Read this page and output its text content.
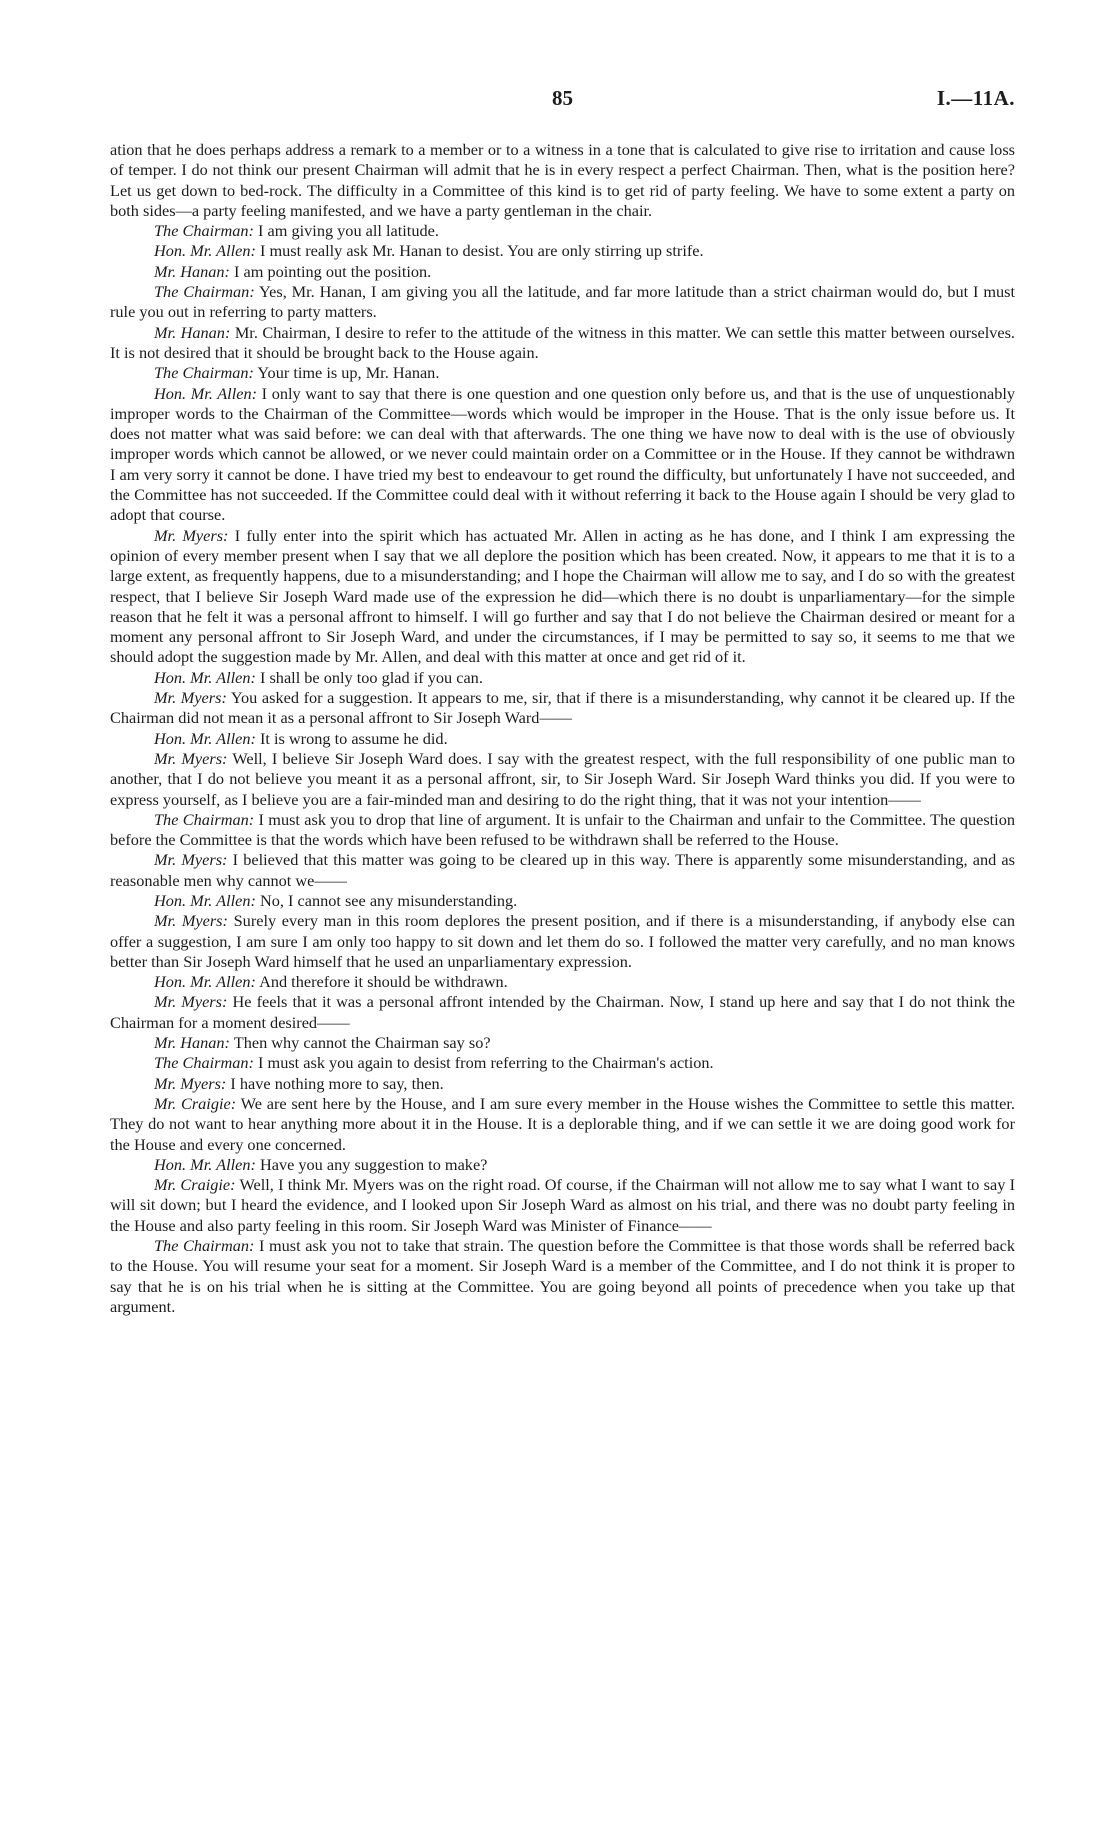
85	I.—11A.

ation that he does perhaps address a remark to a member or to a witness in a tone that is calculated to give rise to irritation and cause loss of temper. I do not think our present Chairman will admit that he is in every respect a perfect Chairman. Then, what is the position here? Let us get down to bed-rock. The difficulty in a Committee of this kind is to get rid of party feeling. We have to some extent a party on both sides—a party feeling manifested, and we have a party gentleman in the chair.

The Chairman: I am giving you all latitude.

Hon. Mr. Allen: I must really ask Mr. Hanan to desist. You are only stirring up strife.

Mr. Hanan: I am pointing out the position.

The Chairman: Yes, Mr. Hanan, I am giving you all the latitude, and far more latitude than a strict chairman would do, but I must rule you out in referring to party matters.

Mr. Hanan: Mr. Chairman, I desire to refer to the attitude of the witness in this matter. We can settle this matter between ourselves. It is not desired that it should be brought back to the House again.

The Chairman: Your time is up, Mr. Hanan.

Hon. Mr. Allen: I only want to say that there is one question and one question only before us, and that is the use of unquestionably improper words to the Chairman of the Committee—words which would be improper in the House. That is the only issue before us. It does not matter what was said before: we can deal with that afterwards. The one thing we have now to deal with is the use of obviously improper words which cannot be allowed, or we never could maintain order on a Committee or in the House. If they cannot be withdrawn I am very sorry it cannot be done. I have tried my best to endeavour to get round the difficulty, but unfortunately I have not succeeded, and the Committee has not succeeded. If the Committee could deal with it without referring it back to the House again I should be very glad to adopt that course.

Mr. Myers: I fully enter into the spirit which has actuated Mr. Allen in acting as he has done, and I think I am expressing the opinion of every member present when I say that we all deplore the position which has been created. Now, it appears to me that it is to a large extent, as frequently happens, due to a misunderstanding; and I hope the Chairman will allow me to say, and I do so with the greatest respect, that I believe Sir Joseph Ward made use of the expression he did—which there is no doubt is unparliamentary—for the simple reason that he felt it was a personal affront to himself. I will go further and say that I do not believe the Chairman desired or meant for a moment any personal affront to Sir Joseph Ward, and under the circumstances, if I may be permitted to say so, it seems to me that we should adopt the suggestion made by Mr. Allen, and deal with this matter at once and get rid of it.

Hon. Mr. Allen: I shall be only too glad if you can.

Mr. Myers: You asked for a suggestion. It appears to me, sir, that if there is a misunderstanding, why cannot it be cleared up. If the Chairman did not mean it as a personal affront to Sir Joseph Ward——

Hon. Mr. Allen: It is wrong to assume he did.

Mr. Myers: Well, I believe Sir Joseph Ward does. I say with the greatest respect, with the full responsibility of one public man to another, that I do not believe you meant it as a personal affront, sir, to Sir Joseph Ward. Sir Joseph Ward thinks you did. If you were to express yourself, as I believe you are a fair-minded man and desiring to do the right thing, that it was not your intention——

The Chairman: I must ask you to drop that line of argument. It is unfair to the Chairman and unfair to the Committee. The question before the Committee is that the words which have been refused to be withdrawn shall be referred to the House.

Mr. Myers: I believed that this matter was going to be cleared up in this way. There is apparently some misunderstanding, and as reasonable men why cannot we——

Hon. Mr. Allen: No, I cannot see any misunderstanding.

Mr. Myers: Surely every man in this room deplores the present position, and if there is a misunderstanding, if anybody else can offer a suggestion, I am sure I am only too happy to sit down and let them do so. I followed the matter very carefully, and no man knows better than Sir Joseph Ward himself that he used an unparliamentary expression.

Hon. Mr. Allen: And therefore it should be withdrawn.

Mr. Myers: He feels that it was a personal affront intended by the Chairman. Now, I stand up here and say that I do not think the Chairman for a moment desired——

Mr. Hanan: Then why cannot the Chairman say so?

The Chairman: I must ask you again to desist from referring to the Chairman's action.

Mr. Myers: I have nothing more to say, then.

Mr. Craigie: We are sent here by the House, and I am sure every member in the House wishes the Committee to settle this matter. They do not want to hear anything more about it in the House. It is a deplorable thing, and if we can settle it we are doing good work for the House and every one concerned.

Hon. Mr. Allen: Have you any suggestion to make?

Mr. Craigie: Well, I think Mr. Myers was on the right road. Of course, if the Chairman will not allow me to say what I want to say I will sit down; but I heard the evidence, and I looked upon Sir Joseph Ward as almost on his trial, and there was no doubt party feeling in the House and also party feeling in this room. Sir Joseph Ward was Minister of Finance——

The Chairman: I must ask you not to take that strain. The question before the Committee is that those words shall be referred back to the House. You will resume your seat for a moment. Sir Joseph Ward is a member of the Committee, and I do not think it is proper to say that he is on his trial when he is sitting at the Committee. You are going beyond all points of precedence when you take up that argument.
